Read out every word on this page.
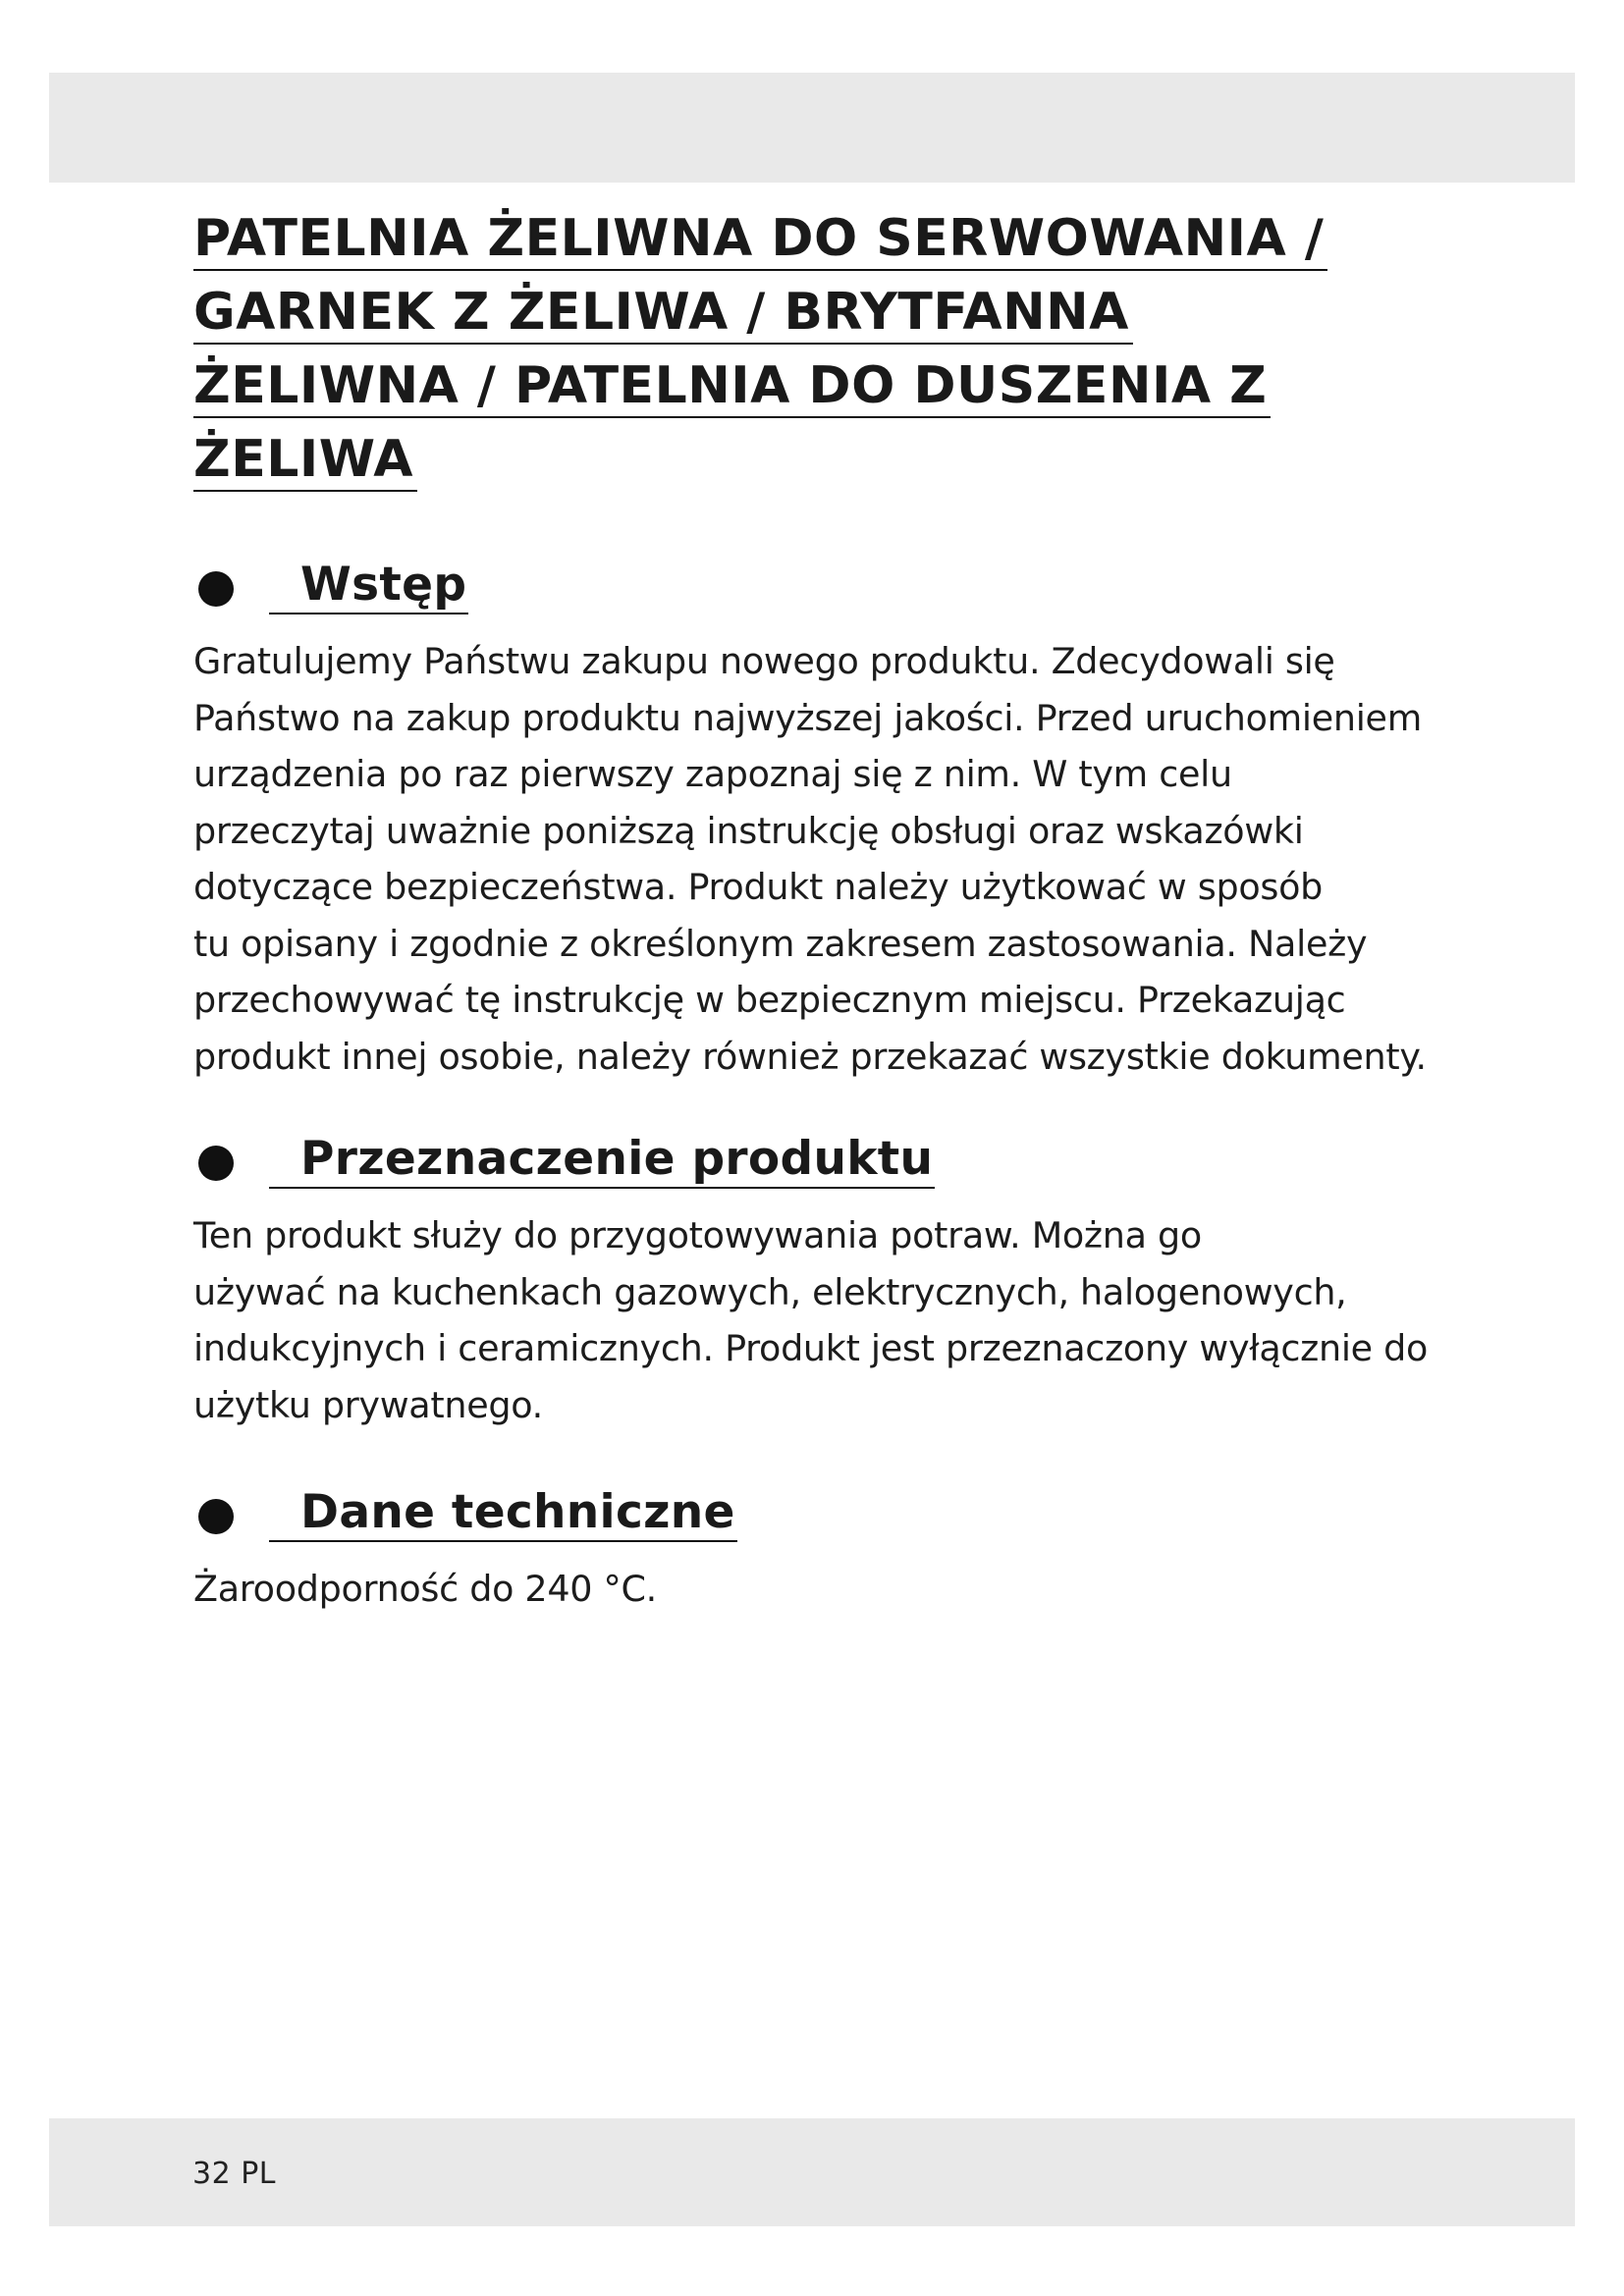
PATELNIA ŻELIWNA DO SERWOWANIA /
GARNEK Z ŻELIWA / BRYTFANNA
ŻELIWNA / PATELNIA DO DUSZENIA Z
ŻELIWA
Wstęp

Gratulujemy Państwu zakupu nowego produktu. Zdecydowali się
Państwo na zakup produktu najwyższej jakości. Przed uruchomieniem
urządzenia po raz pierwszy zapoznaj się z nim. W tym celu
przeczytaj uważnie poniższą instrukcję obsługi oraz wskazówki
dotyczące bezpieczeństwa. Produkt należy użytkować w sposób
tu opisany i zgodnie z określonym zakresem zastosowania. Należy
przechowywać tę instrukcję w bezpiecznym miejscu. Przekazując
produkt innej osobie, należy również przekazać wszystkie dokumenty.

Przeznaczenie produktu

Ten produkt służy do przygotowywania potraw. Można go
używać na kuchenkach gazowych, elektrycznych, halogenowych,
indukcyjnych i ceramicznych. Produkt jest przeznaczony wyłącznie do
użytku prywatnego.

Dane techniczne

Żaroodporność do 240 °C.

32 PL
